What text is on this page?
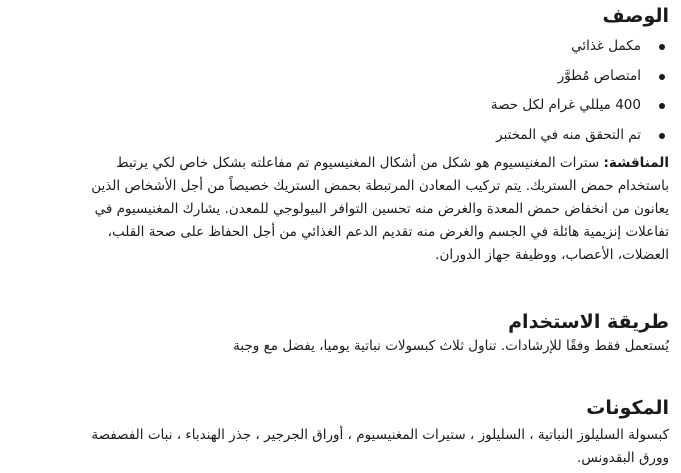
الوصف
مكمل غذائي
امتصاص مُطوَّر
400 ميللي غرام لكل حصة
تم التحقق منه في المختبر

المناقشة: سترات المغنيسيوم هو شكل من أشكال المغنيسيوم تم مفاعلته بشكل خاص لكي يرتبط
باستخدام حمض الستريك. يتم تركيب المعادن المرتبطة بحمض الستريك خصيصاً من أجل الأشخاص الذين
يعانون من انخفاض حمض المعدة والغرض منه تحسين التوافر البيولوجي للمعدن. يشارك المغنيسيوم في
تفاعلات إنزيمية هائلة في الجسم والغرض منه تقديم الدعم الغذائي من أجل الحفاظ على صحة القلب،
العضلات، الأعصاب، ووظيفة جهاز الدوران.

طريقة الاستخدام

يُستعمل فقط وفقًا للإرشادات. تناول ثلاث كبسولات نباتية يوميا، يفضل مع وجبة

المكونات

كبسولة السليلوز النباتية ، السليلوز ، ستيرات المغنيسيوم ، أوراق الجرجير ، جذر الهندباء ، نبات الفصفصة
وورق البقدونس.
